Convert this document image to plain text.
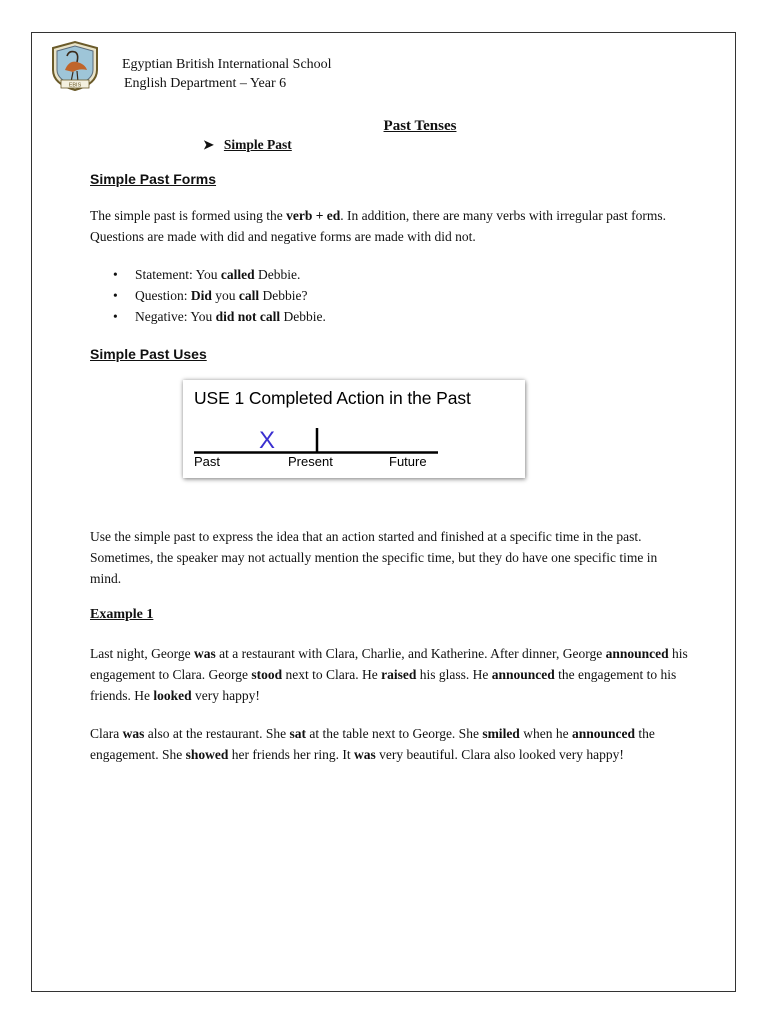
EBIS
Egyptian British International School
English Department – Year 6
Past Tenses
➤ Simple Past
Simple Past Forms

The simple past is formed using the verb + ed. In addition, there are many verbs with irregular past forms. Questions are made with did and negative forms are made with did not.

• Statement: You called Debbie.
• Question: Did you call Debbie?
• Negative: You did not call Debbie.
Simple Past Uses
USE 1 Completed Action in the Past
X
Past	Present	Future

Use the simple past to express the idea that an action started and finished at a specific time in the past. Sometimes, the speaker may not actually mention the specific time, but they do have one specific time in mind.

Example 1

Last night, George was at a restaurant with Clara, Charlie, and Katherine. After dinner, George announced his engagement to Clara. George stood next to Clara. He raised his glass. He announced the engagement to his friends. He looked very happy!

Clara was also at the restaurant. She sat at the table next to George. She smiled when he announced the engagement. She showed her friends her ring. It was very beautiful. Clara also looked very happy!
